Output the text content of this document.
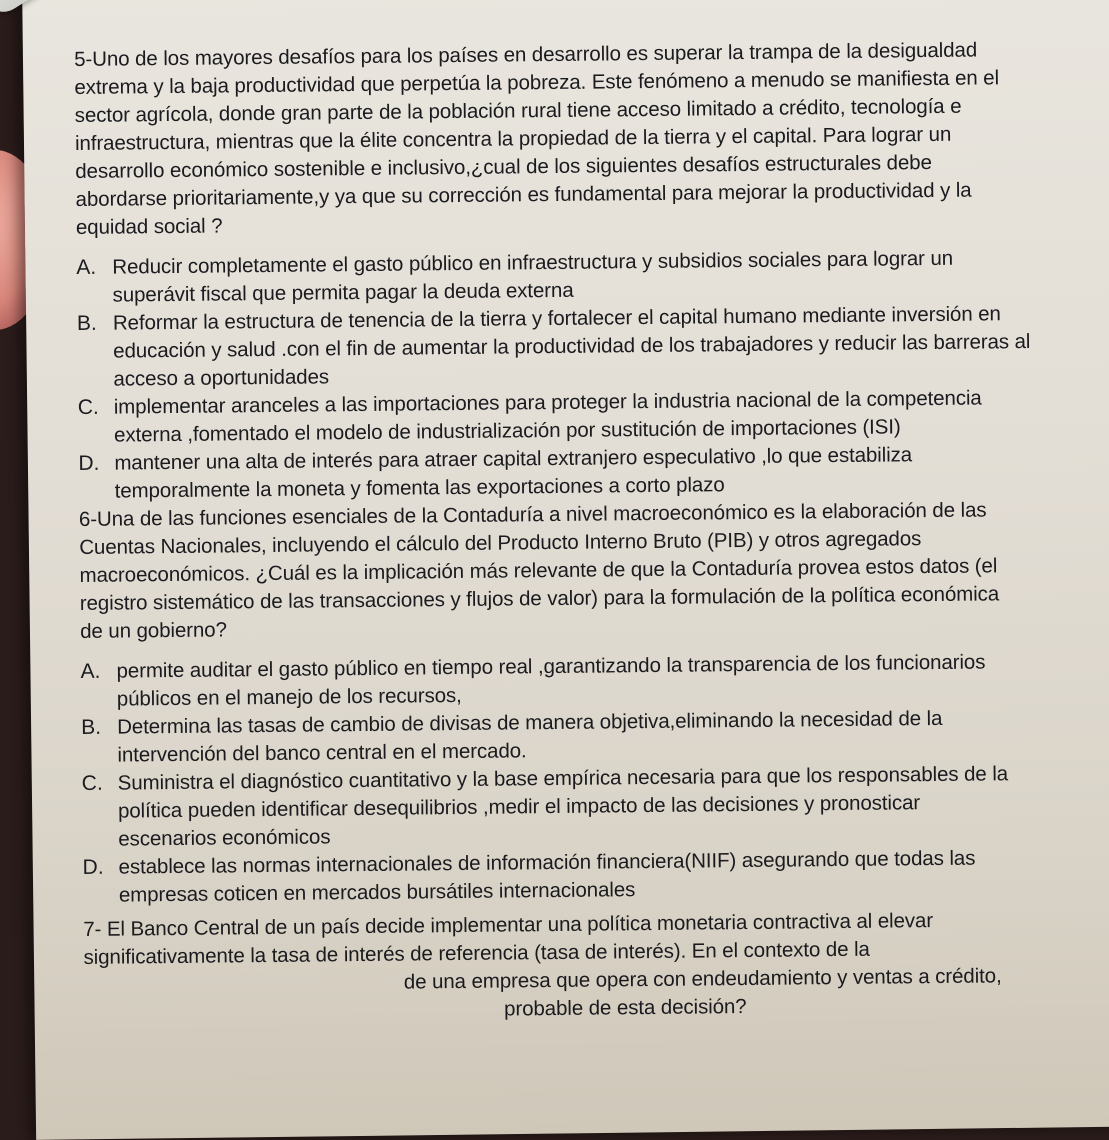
5-Uno de los mayores desafíos para los países en desarrollo es superar la trampa de la desigualdad
extrema y la baja productividad que perpetúa la pobreza. Este fenómeno a menudo se manifiesta en el
sector agrícola, donde gran parte de la población rural tiene acceso limitado a crédito, tecnología e
infraestructura, mientras que la élite concentra la propiedad de la tierra y el capital. Para lograr un
desarrollo económico sostenible e inclusivo,¿cual de los siguientes desafíos estructurales debe
abordarse prioritariamente,y ya que su corrección es fundamental para mejorar la productividad y la
equidad social ?
A. Reducir completamente el gasto público en infraestructura y subsidios sociales para lograr un
superávit fiscal que permita pagar la deuda externa
B. Reformar la estructura de tenencia de la tierra y fortalecer el capital humano mediante inversión en
educación y salud .con el fin de aumentar la productividad de los trabajadores y reducir las barreras al
acceso a oportunidades
C. implementar aranceles a las importaciones para proteger la industria nacional de la competencia
externa ,fomentado el modelo de industrialización por sustitución de importaciones (ISI)
D. mantener una alta de interés para atraer capital extranjero especulativo ,lo que estabiliza
temporalmente la moneta y fomenta las exportaciones a corto plazo
6-Una de las funciones esenciales de la Contaduría a nivel macroeconómico es la elaboración de las
Cuentas Nacionales, incluyendo el cálculo del Producto Interno Bruto (PIB) y otros agregados
macroeconómicos. ¿Cuál es la implicación más relevante de que la Contaduría provea estos datos (el
registro sistemático de las transacciones y flujos de valor) para la formulación de la política económica
de un gobierno?
A. permite auditar el gasto público en tiempo real ,garantizando la transparencia de los funcionarios
públicos en el manejo de los recursos,
B. Determina las tasas de cambio de divisas de manera objetiva,eliminando la necesidad de la
intervención del banco central en el mercado.
C. Suministra el diagnóstico cuantitativo y la base empírica necesaria para que los responsables de la
política pueden identificar desequilibrios ,medir el impacto de las decisiones y pronosticar
escenarios económicos
D. establece las normas internacionales de información financiera(NIIF) asegurando que todas las
empresas coticen en mercados bursátiles internacionales
7- El Banco Central de un país decide implementar una política monetaria contractiva al elevar
significativamente la tasa de interés de referencia (tasa de interés). En el contexto de la
de una empresa que opera con endeudamiento y ventas a crédito,
probable de esta decisión?
